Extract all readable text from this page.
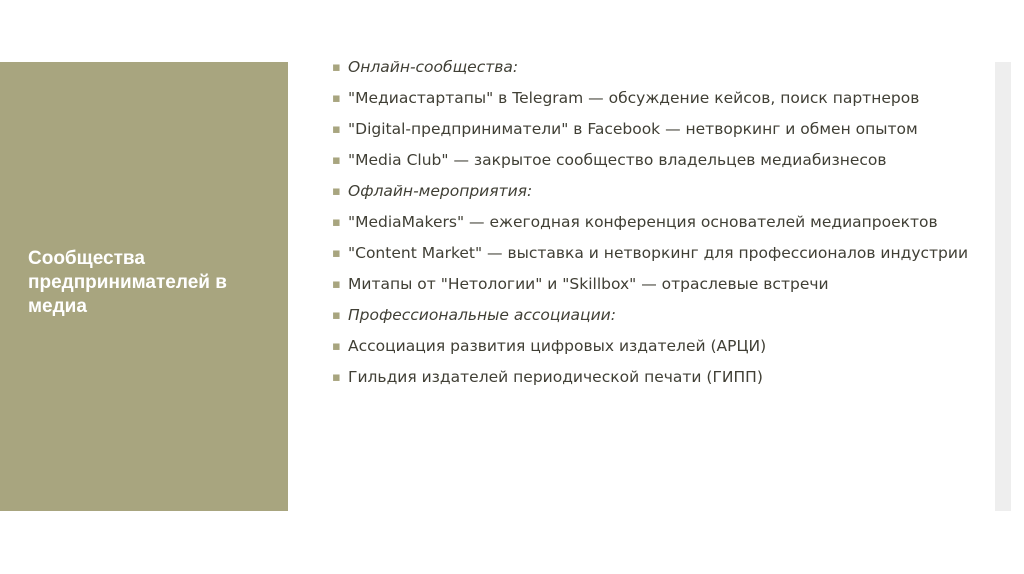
Сообщества предпринимателей в медиа
▪ Онлайн-сообщества:
▪ "Медиастартапы" в Telegram — обсуждение кейсов, поиск партнеров
▪ "Digital-предприниматели" в Facebook — нетворкинг и обмен опытом
▪ "Media Club" — закрытое сообщество владельцев медиабизнесов
▪ Офлайн-мероприятия:
▪ "MediaMakers" — ежегодная конференция основателей медиапроектов
▪ "Content Market" — выставка и нетворкинг для профессионалов индустрии
▪ Митапы от "Нетологии" и "Skillbox" — отраслевые встречи
▪ Профессиональные ассоциации:
▪ Ассоциация развития цифровых издателей (АРЦИ)
▪ Гильдия издателей периодической печати (ГИПП)
